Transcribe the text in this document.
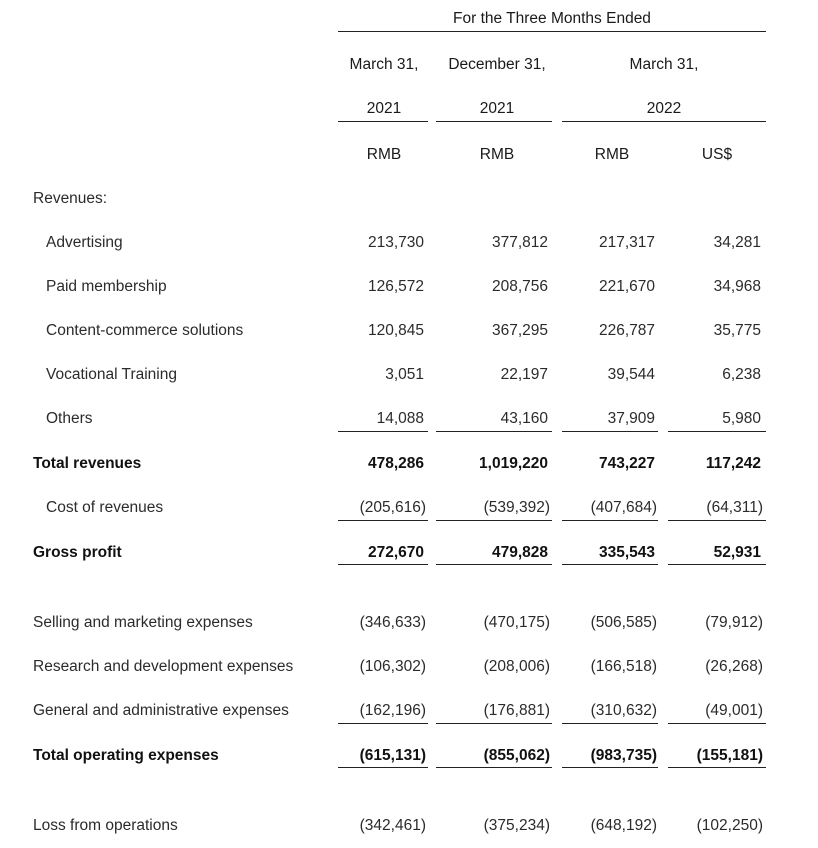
For the Three Months Ended
March 31,	December 31,	March 31,
2021	2021	2022
RMB	RMB	RMB	US$
Revenues:
Advertising	213,730	377,812	217,317	34,281
Paid membership	126,572	208,756	221,670	34,968
Content-commerce solutions	120,845	367,295	226,787	35,775
Vocational Training	3,051	22,197	39,544	6,238
Others	14,088	43,160	37,909	5,980
Total revenues	478,286	1,019,220	743,227	117,242
Cost of revenues	(205,616)	(539,392)	(407,684)	(64,311)
Gross profit	272,670	479,828	335,543	52,931
Selling and marketing expenses	(346,633)	(470,175)	(506,585)	(79,912)
Research and development expenses	(106,302)	(208,006)	(166,518)	(26,268)
General and administrative expenses	(162,196)	(176,881)	(310,632)	(49,001)
Total operating expenses	(615,131)	(855,062)	(983,735)	(155,181)
Loss from operations	(342,461)	(375,234)	(648,192)	(102,250)
